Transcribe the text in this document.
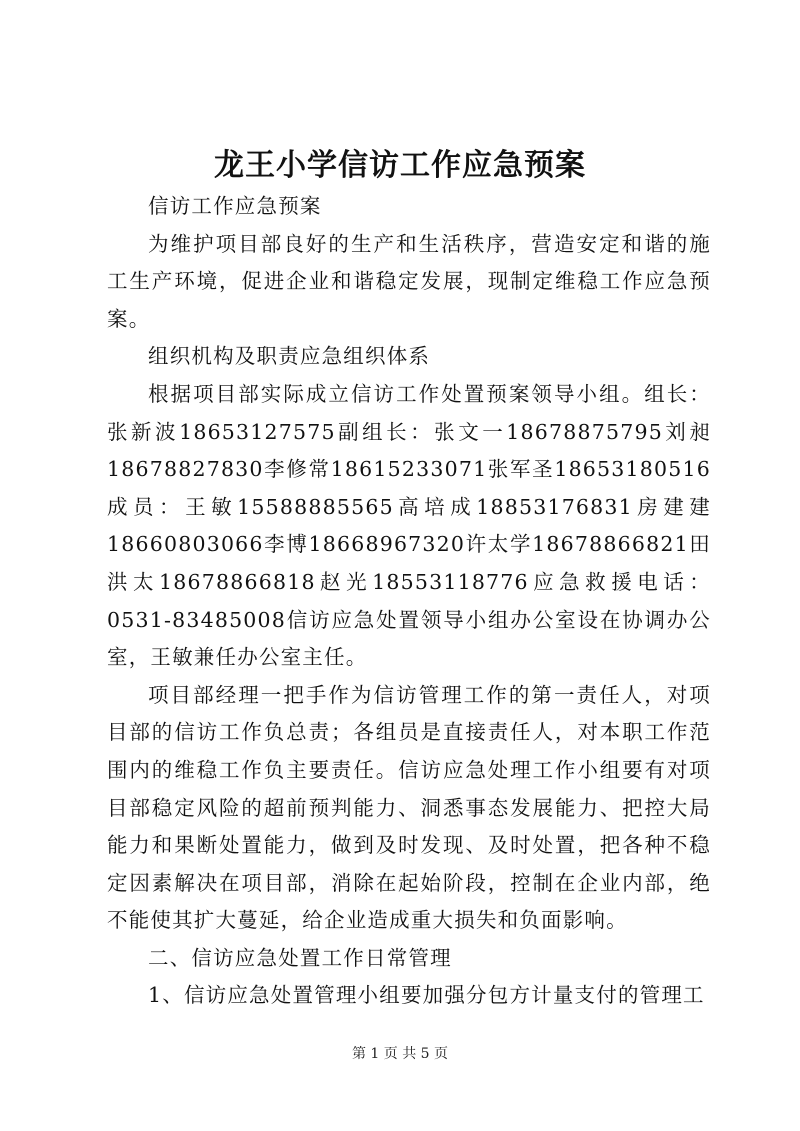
龙王小学信访工作应急预案

信访工作应急预案

为维护项目部良好的生产和生活秩序，营造安定和谐的施工生产环境，促进企业和谐稳定发展，现制定维稳工作应急预案。

组织机构及职责应急组织体系

根据项目部实际成立信访工作处置预案领导小组。组长：张新波18653127575副组长：张文一18678875795刘昶18678827830李修常18615233071张军圣18653180516成员：王敏15588885565高培成18853176831房建建18660803066李博18668967320许太学18678866821田洪太18678866818赵光18553118776应急救援电话：0531-83485008信访应急处置领导小组办公室设在协调办公室，王敏兼任办公室主任。

项目部经理一把手作为信访管理工作的第一责任人，对项目部的信访工作负总责；各组员是直接责任人，对本职工作范围内的维稳工作负主要责任。信访应急处理工作小组要有对项目部稳定风险的超前预判能力、洞悉事态发展能力、把控大局能力和果断处置能力，做到及时发现、及时处置，把各种不稳定因素解决在项目部，消除在起始阶段，控制在企业内部，绝不能使其扩大蔓延，给企业造成重大损失和负面影响。

二、信访应急处置工作日常管理

1、信访应急处置管理小组要加强分包方计量支付的管理工

第 1 页 共 5 页
